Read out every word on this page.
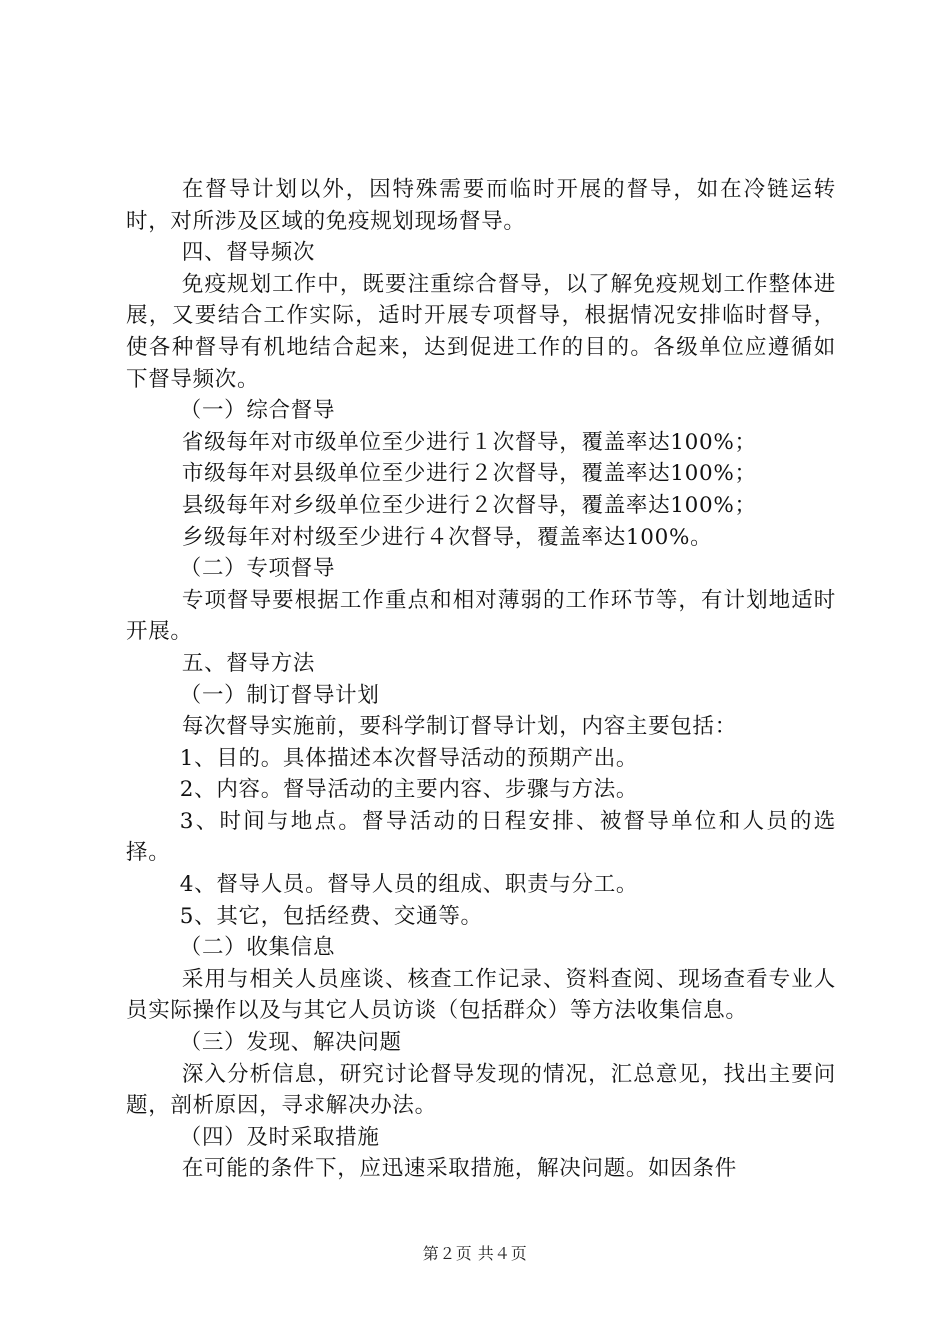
在督导计划以外，因特殊需要而临时开展的督导，如在冷链运转时，对所涉及区域的免疫规划现场督导。

四、督导频次

免疫规划工作中，既要注重综合督导，以了解免疫规划工作整体进展，又要结合工作实际，适时开展专项督导，根据情况安排临时督导，使各种督导有机地结合起来，达到促进工作的目的。各级单位应遵循如下督导频次。

（一）综合督导

省级每年对市级单位至少进行１次督导，覆盖率达100%；

市级每年对县级单位至少进行２次督导，覆盖率达100%；

县级每年对乡级单位至少进行２次督导，覆盖率达100%；

乡级每年对村级至少进行４次督导，覆盖率达100%。

（二）专项督导

专项督导要根据工作重点和相对薄弱的工作环节等，有计划地适时开展。

五、督导方法

（一）制订督导计划

每次督导实施前，要科学制订督导计划，内容主要包括：

1、目的。具体描述本次督导活动的预期产出。

2、内容。督导活动的主要内容、步骤与方法。

3、时间与地点。督导活动的日程安排、被督导单位和人员的选择。

4、督导人员。督导人员的组成、职责与分工。

5、其它，包括经费、交通等。

（二）收集信息

采用与相关人员座谈、核查工作记录、资料查阅、现场查看专业人员实际操作以及与其它人员访谈（包括群众）等方法收集信息。

（三）发现、解决问题

深入分析信息，研究讨论督导发现的情况，汇总意见，找出主要问题，剖析原因，寻求解决办法。

（四）及时采取措施

在可能的条件下，应迅速采取措施，解决问题。如因条件

第２页 共４页
